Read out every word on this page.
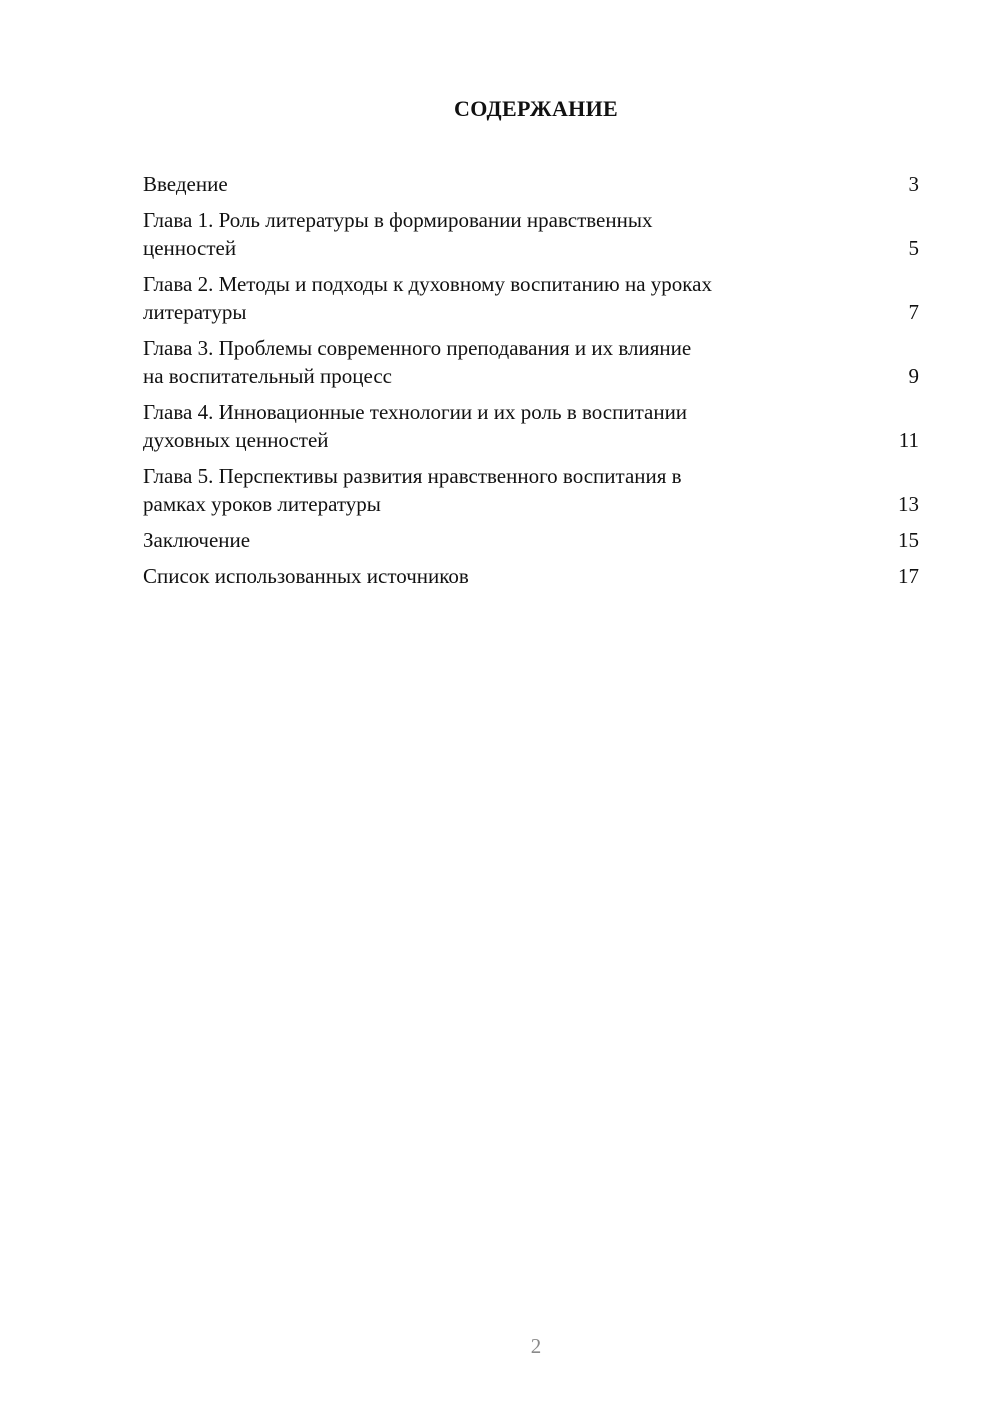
СОДЕРЖАНИЕ
Введение	3
Глава 1. Роль литературы в формировании нравственных
ценностей	5
Глава 2. Методы и подходы к духовному воспитанию на уроках
литературы	7
Глава 3. Проблемы современного преподавания и их влияние
на воспитательный процесс	9
Глава 4. Инновационные технологии и их роль в воспитании
духовных ценностей	11
Глава 5. Перспективы развития нравственного воспитания в
рамках уроков литературы	13
Заключение	15
Список использованных источников	17
2
